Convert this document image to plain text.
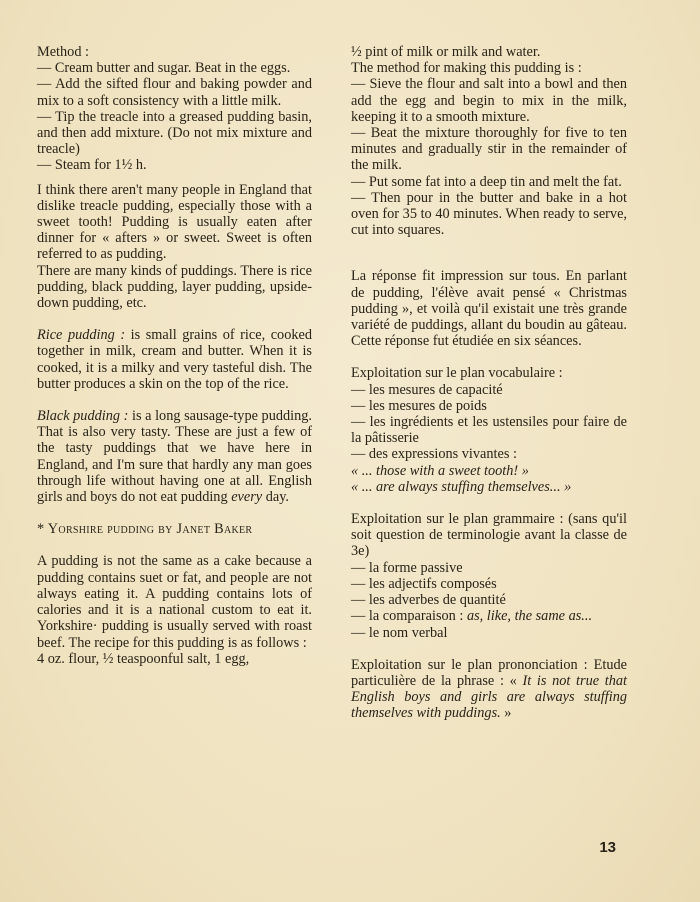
Method :

— Cream butter and sugar. Beat in the eggs.

— Add the sifted flour and baking powder and mix to a soft consistency with a little milk.

— Tip the treacle into a greased pudding basin, and then add mixture. (Do not mix mixture and treacle)

— Steam for 1½ h.

I think there aren't many people in England that dislike treacle pudding, especially those with a sweet tooth! Pudding is usually eaten after dinner for « afters » or sweet. Sweet is often referred to as pudding.

There are many kinds of puddings. There is rice pudding, black pudding, layer pudding, upside-down pudding, etc.

Rice pudding : is small grains of rice, cooked together in milk, cream and butter. When it is cooked, it is a milky and very tasteful dish. The butter produces a skin on the top of the rice.

Black pudding : is a long sausage-type pudding. That is also very tasty. These are just a few of the tasty puddings that we have here in England, and I'm sure that hardly any man goes through life without having one at all. English girls and boys do not eat pudding every day.

* Yorshire pudding by Janet Baker

A pudding is not the same as a cake because a pudding contains suet or fat, and people are not always eating it. A pudding contains lots of calories and it is a national custom to eat it. Yorkshire· pudding is usually served with roast beef. The recipe for this pudding is as follows :

4 oz. flour, ½ teaspoonful salt, 1 egg,

½ pint of milk or milk and water.

The method for making this pudding is :

— Sieve the flour and salt into a bowl and then add the egg and begin to mix in the milk, keeping it to a smooth mixture.

— Beat the mixture thoroughly for five to ten minutes and gradually stir in the remainder of the milk.

— Put some fat into a deep tin and melt the fat.

— Then pour in the butter and bake in a hot oven for 35 to 40 minutes. When ready to serve, cut into squares.

La réponse fit impression sur tous. En parlant de pudding, l'élève avait pensé « Christmas pudding », et voilà qu'il existait une très grande variété de puddings, allant du boudin au gâteau. Cette réponse fut étudiée en six séances.

Exploitation sur le plan vocabulaire :

— les mesures de capacité

— les mesures de poids

— les ingrédients et les ustensiles pour faire de la pâtisserie

— des expressions vivantes :

« ... those with a sweet tooth! »

« ... are always stuffing themselves... »

Exploitation sur le plan grammaire : (sans qu'il soit question de terminologie avant la classe de 3e)

— la forme passive

— les adjectifs composés

— les adverbes de quantité

— la comparaison : as, like, the same as...

— le nom verbal

Exploitation sur le plan prononciation : Etude particulière de la phrase : « It is not true that English boys and girls are always stuffing themselves with puddings. »

13
